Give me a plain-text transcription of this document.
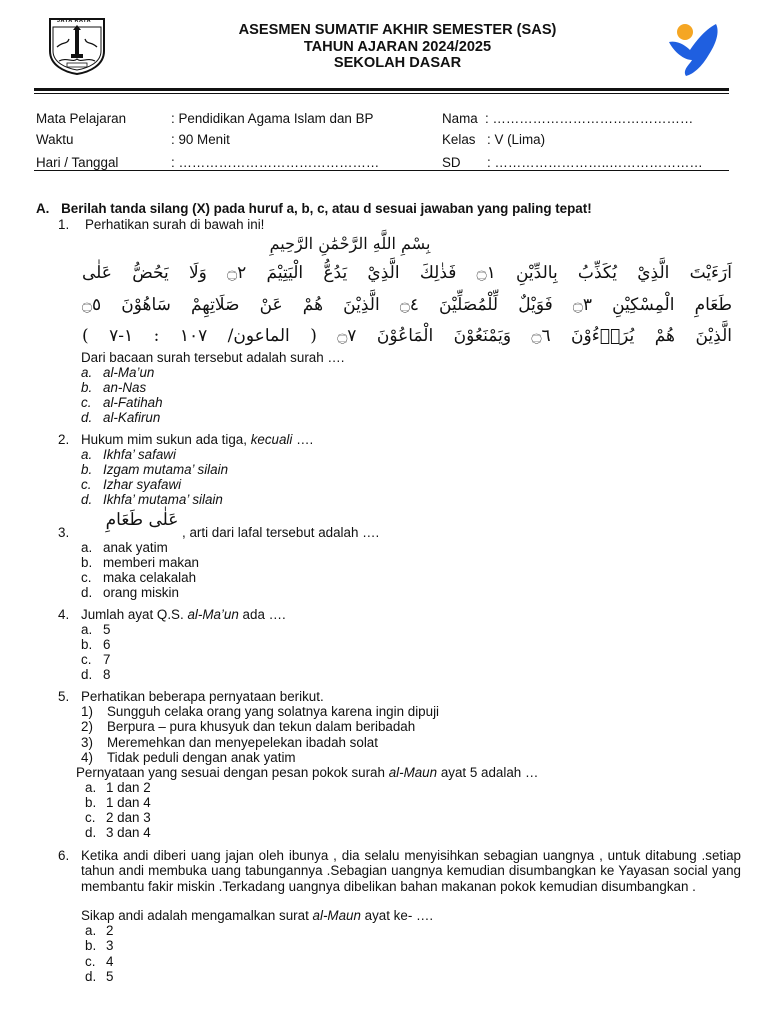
JAYA RAYA
ASESMEN SUMATIF AKHIR SEMESTER (SAS)
TAHUN AJARAN 2024/2025
SEKOLAH DASAR
Mata Pelajaran	: Pendidikan Agama Islam dan BP
Waktu	: 90 Menit
Hari / Tanggal	: ………………………………………
Nama : ………………………………………
Kelas : V (Lima)
SD : ……………………..…………………
A. Berilah tanda silang (X) pada huruf a, b, c, atau d sesuai jawaban yang paling tepat!
1. Perhatikan surah di bawah ini!
بِسْمِ اللَّهِ الرَّحْمَٰنِ الرَّحِيمِ
اَرَءَيْتَ الَّذِيْ يُكَذِّبُ بِالدِّيْنِ ۝١ فَذٰلِكَ الَّذِيْ يَدُعُّ الْيَتِيْمَ ۝٢ وَلَا يَحُضُّ عَلٰى
طَعَامِ الْمِسْكِيْنِ ۝٣ فَوَيْلٌ لِّلْمُصَلِّيْنَ ۝٤ الَّذِيْنَ هُمْ عَنْ صَلَاتِهِمْ سَاهُوْنَ ۝٥
الَّذِيْنَ هُمْ يُرَاۤءُوْنَ ۝٦ وَيَمْنَعُوْنَ الْمَاعُوْنَ ۝٧ ( الماعون/ ١٠٧ : ١-٧ )
Dari bacaan surah tersebut adalah surah ….
a. al-Ma’un
b. an-Nas
c. al-Fatihah
d. al-Kafirun
2. Hukum mim sukun ada tiga, kecuali ….
a. Ikhfa’ safawi
b. Izgam mutama’ silain
c. Izhar syafawi
d. Ikhfa’ mutama’ silain
3.
عَلٰى طَعَامِ
, arti dari lafal tersebut adalah ….
a. anak yatim
b. memberi makan
c. maka celakalah
d. orang miskin
4. Jumlah ayat Q.S. al-Ma’un ada ….
a. 5
b. 6
c. 7
d. 8
5. Perhatikan beberapa pernyataan berikut.
1) Sungguh celaka orang yang solatnya karena ingin dipuji
2) Berpura – pura khusyuk dan tekun dalam beribadah
3) Meremehkan dan menyepelekan ibadah solat
4) Tidak peduli dengan anak yatim
Pernyataan yang sesuai dengan pesan pokok surah al-Maun ayat 5 adalah …
a. 1 dan 2
b. 1 dan 4
c. 2 dan 3
d. 3 dan 4
6. Ketika andi diberi uang jajan oleh ibunya , dia selalu menyisihkan sebagian uangnya , untuk ditabung .setiap tahun andi membuka uang tabungannya .Sebagian uangnya kemudian disumbangkan ke Yayasan social yang membantu fakir miskin .Terkadang uangnya dibelikan bahan makanan pokok kemudian disumbangkan .
Sikap andi adalah mengamalkan surat al-Maun ayat ke- ….
a. 2
b. 3
c. 4
d. 5
